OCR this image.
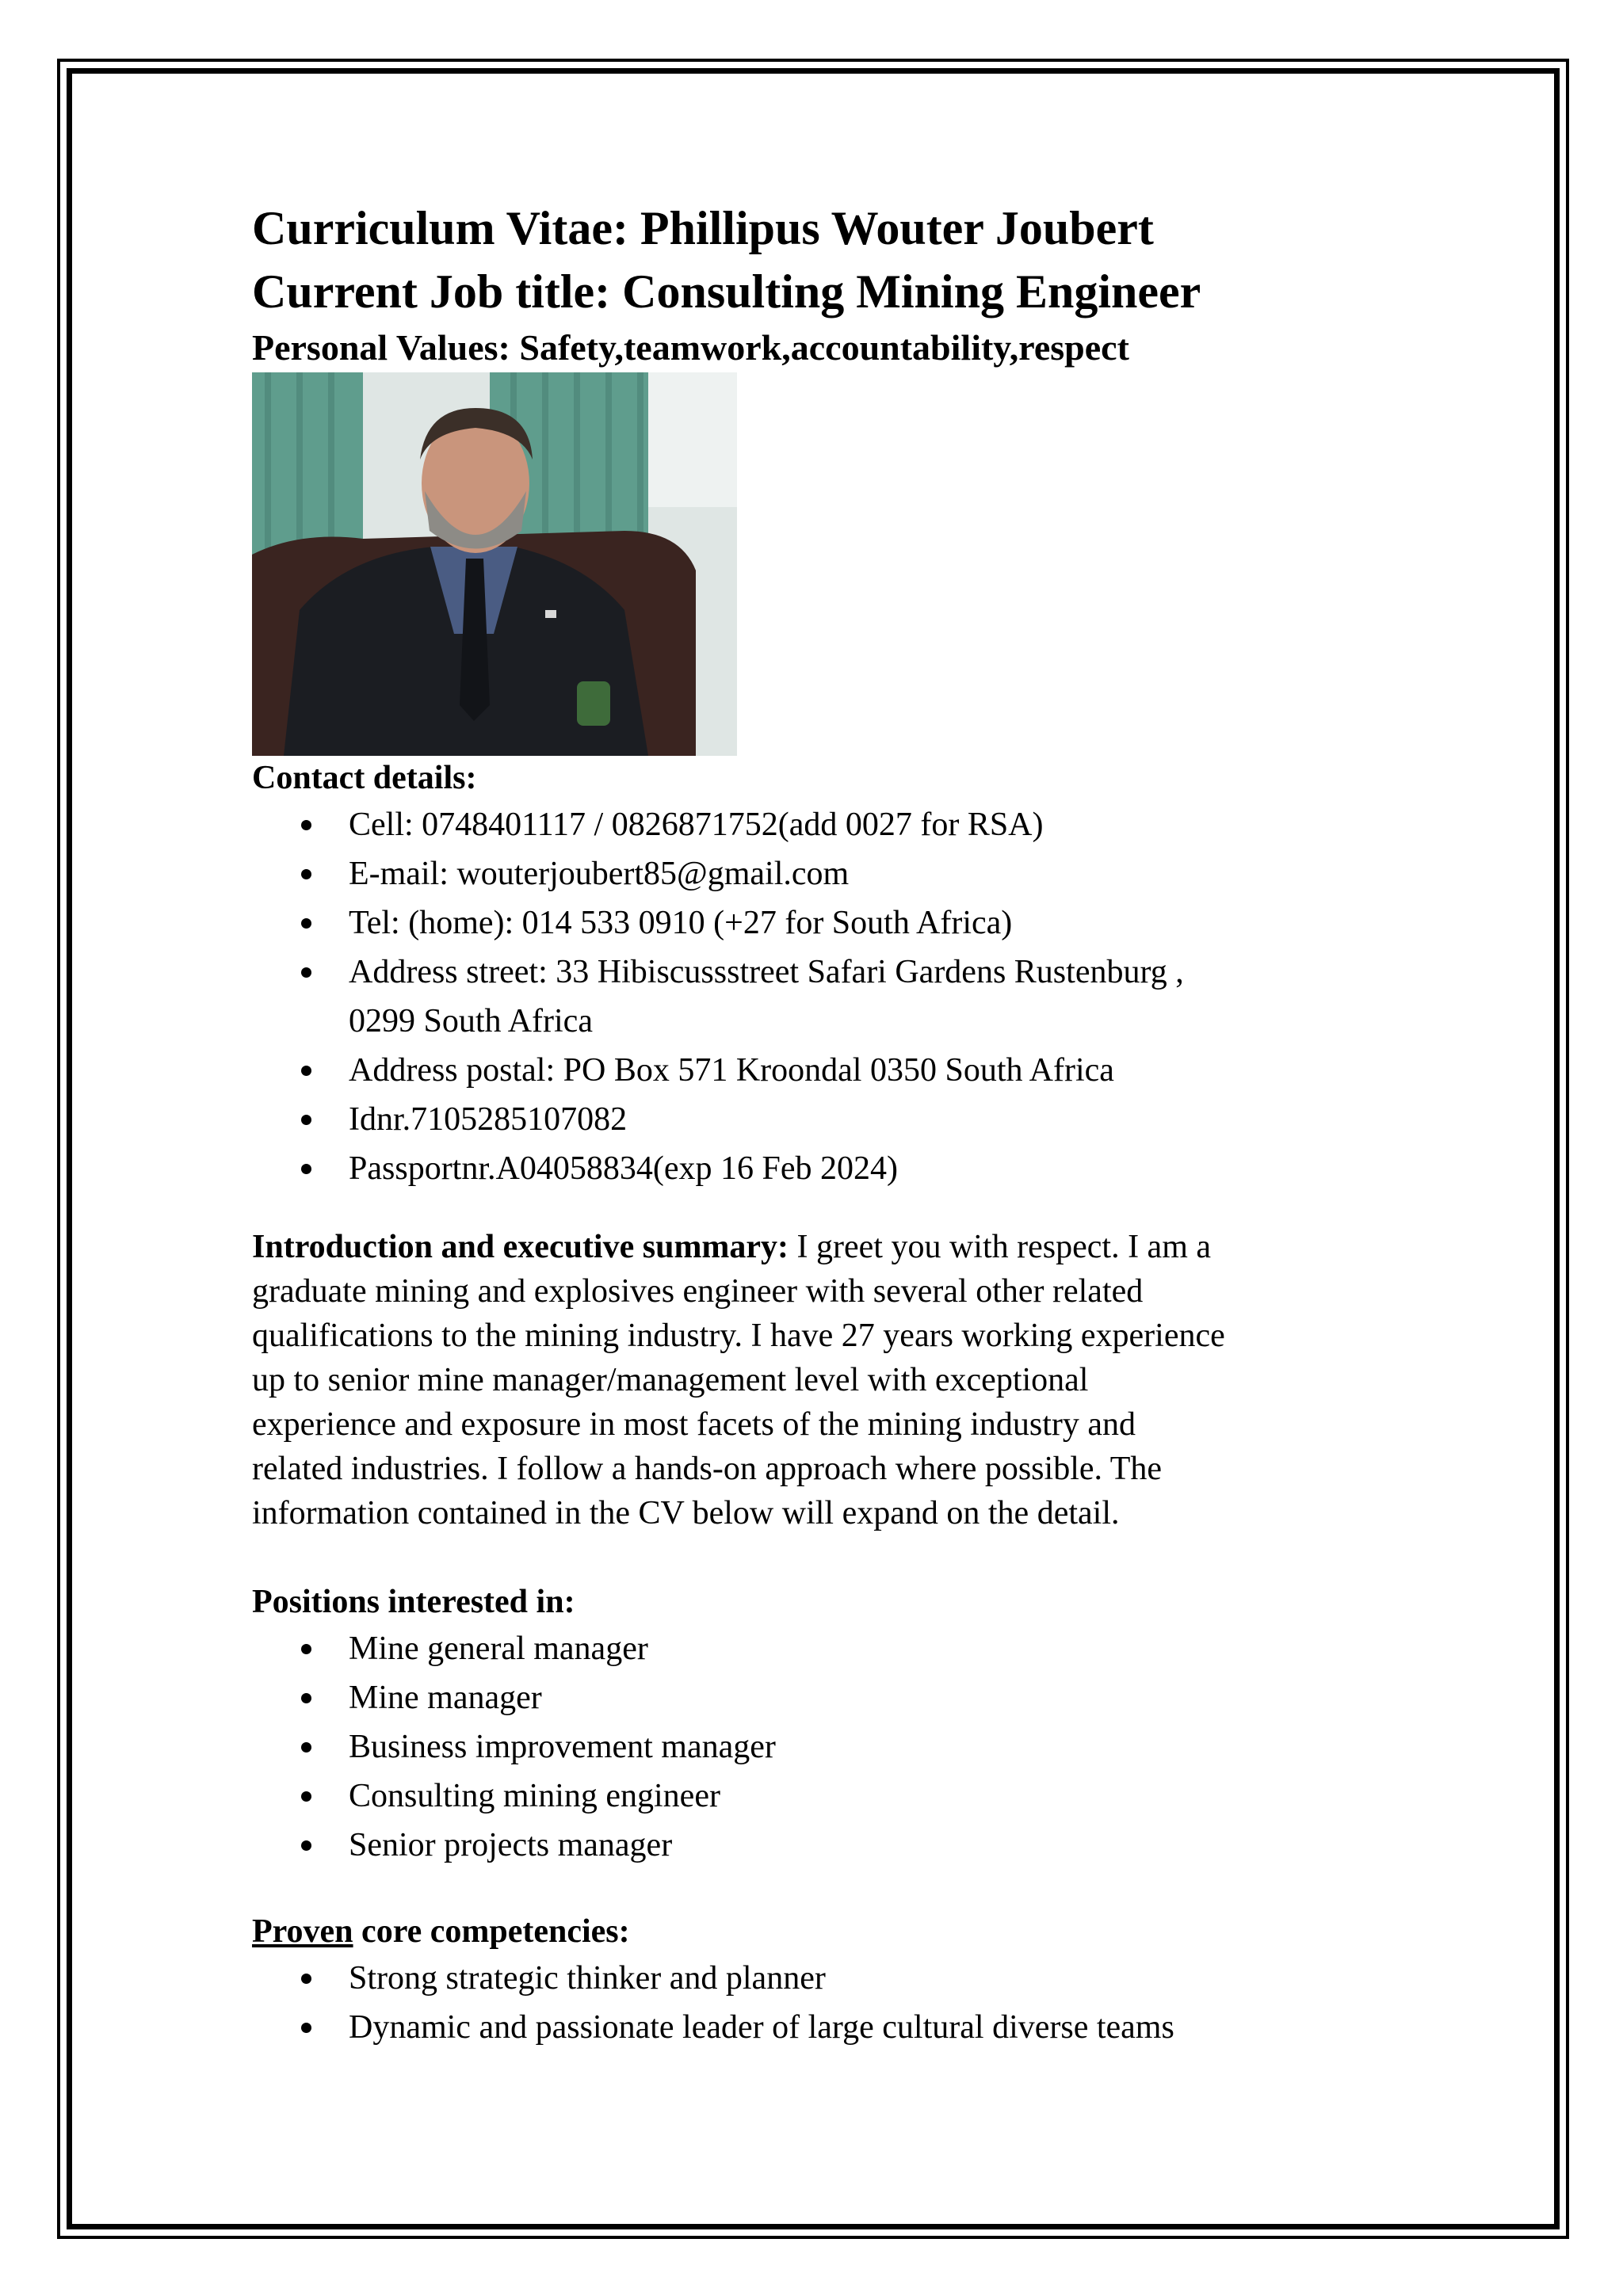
Curriculum Vitae: Phillipus Wouter Joubert
Current Job title: Consulting Mining Engineer
Personal Values: Safety,teamwork,accountability,respect
Contact details:
Cell: 0748401117 / 0826871752(add 0027 for RSA)
E-mail: wouterjoubert85@gmail.com
Tel: (home): 014 533 0910 (+27 for South Africa)
Address street: 33 Hibiscussstreet Safari Gardens Rustenburg ,
0299 South Africa
Address postal: PO Box 571 Kroondal 0350 South Africa
Idnr.7105285107082
Passportnr.A04058834(exp 16 Feb 2024)

Introduction and executive summary: I greet you with respect. I am a
graduate mining and explosives engineer with several other related
qualifications to the mining industry. I have 27 years working experience
up to senior mine manager/management level with exceptional
experience and exposure in most facets of the mining industry and
related industries. I follow a hands-on approach where possible. The
information contained in the CV below will expand on the detail.

Positions interested in:
Mine general manager
Mine manager
Business improvement manager
Consulting mining engineer
Senior projects manager
Proven core competencies:
Strong strategic thinker and planner
Dynamic and passionate leader of large cultural diverse teams
